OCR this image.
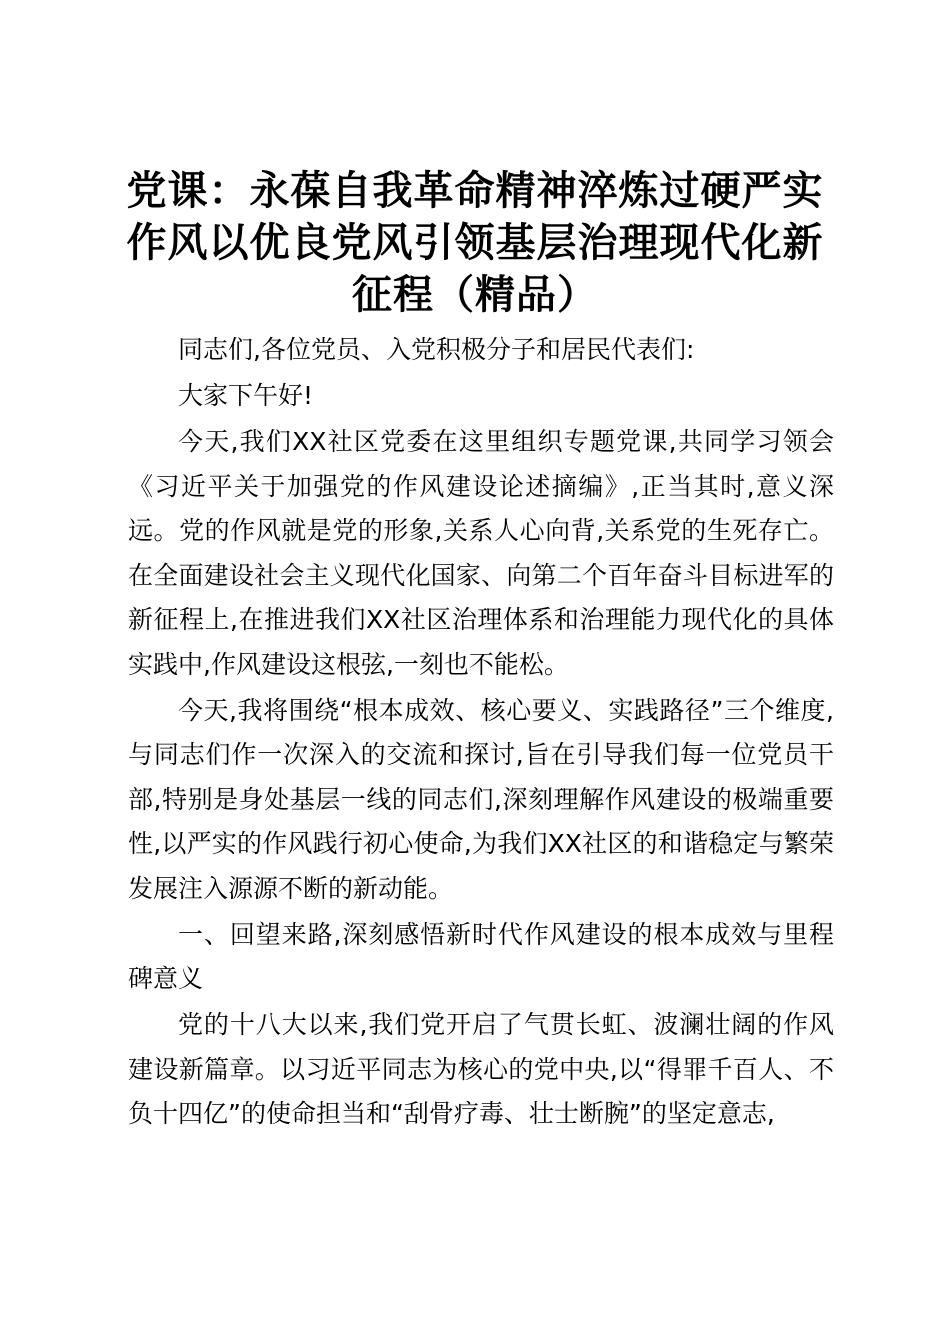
党课：永葆自我革命精神淬炼过硬严实作风以优良党风引领基层治理现代化新征程（精品）

同志们,各位党员、入党积极分子和居民代表们:

大家下午好!

今天,我们XX社区党委在这里组织专题党课,共同学习领会《习近平关于加强党的作风建设论述摘编》,正当其时,意义深远。党的作风就是党的形象,关系人心向背,关系党的生死存亡。在全面建设社会主义现代化国家、向第二个百年奋斗目标进军的新征程上,在推进我们XX社区治理体系和治理能力现代化的具体实践中,作风建设这根弦,一刻也不能松。

今天,我将围绕“根本成效、核心要义、实践路径”三个维度,与同志们作一次深入的交流和探讨,旨在引导我们每一位党员干部,特别是身处基层一线的同志们,深刻理解作风建设的极端重要性,以严实的作风践行初心使命,为我们XX社区的和谐稳定与繁荣发展注入源源不断的新动能。

一、回望来路,深刻感悟新时代作风建设的根本成效与里程碑意义

党的十八大以来,我们党开启了气贯长虹、波澜壮阔的作风建设新篇章。以习近平同志为核心的党中央,以“得罪千百人、不负十四亿”的使命担当和“刮骨疗毒、壮士断腕”的坚定意志,
